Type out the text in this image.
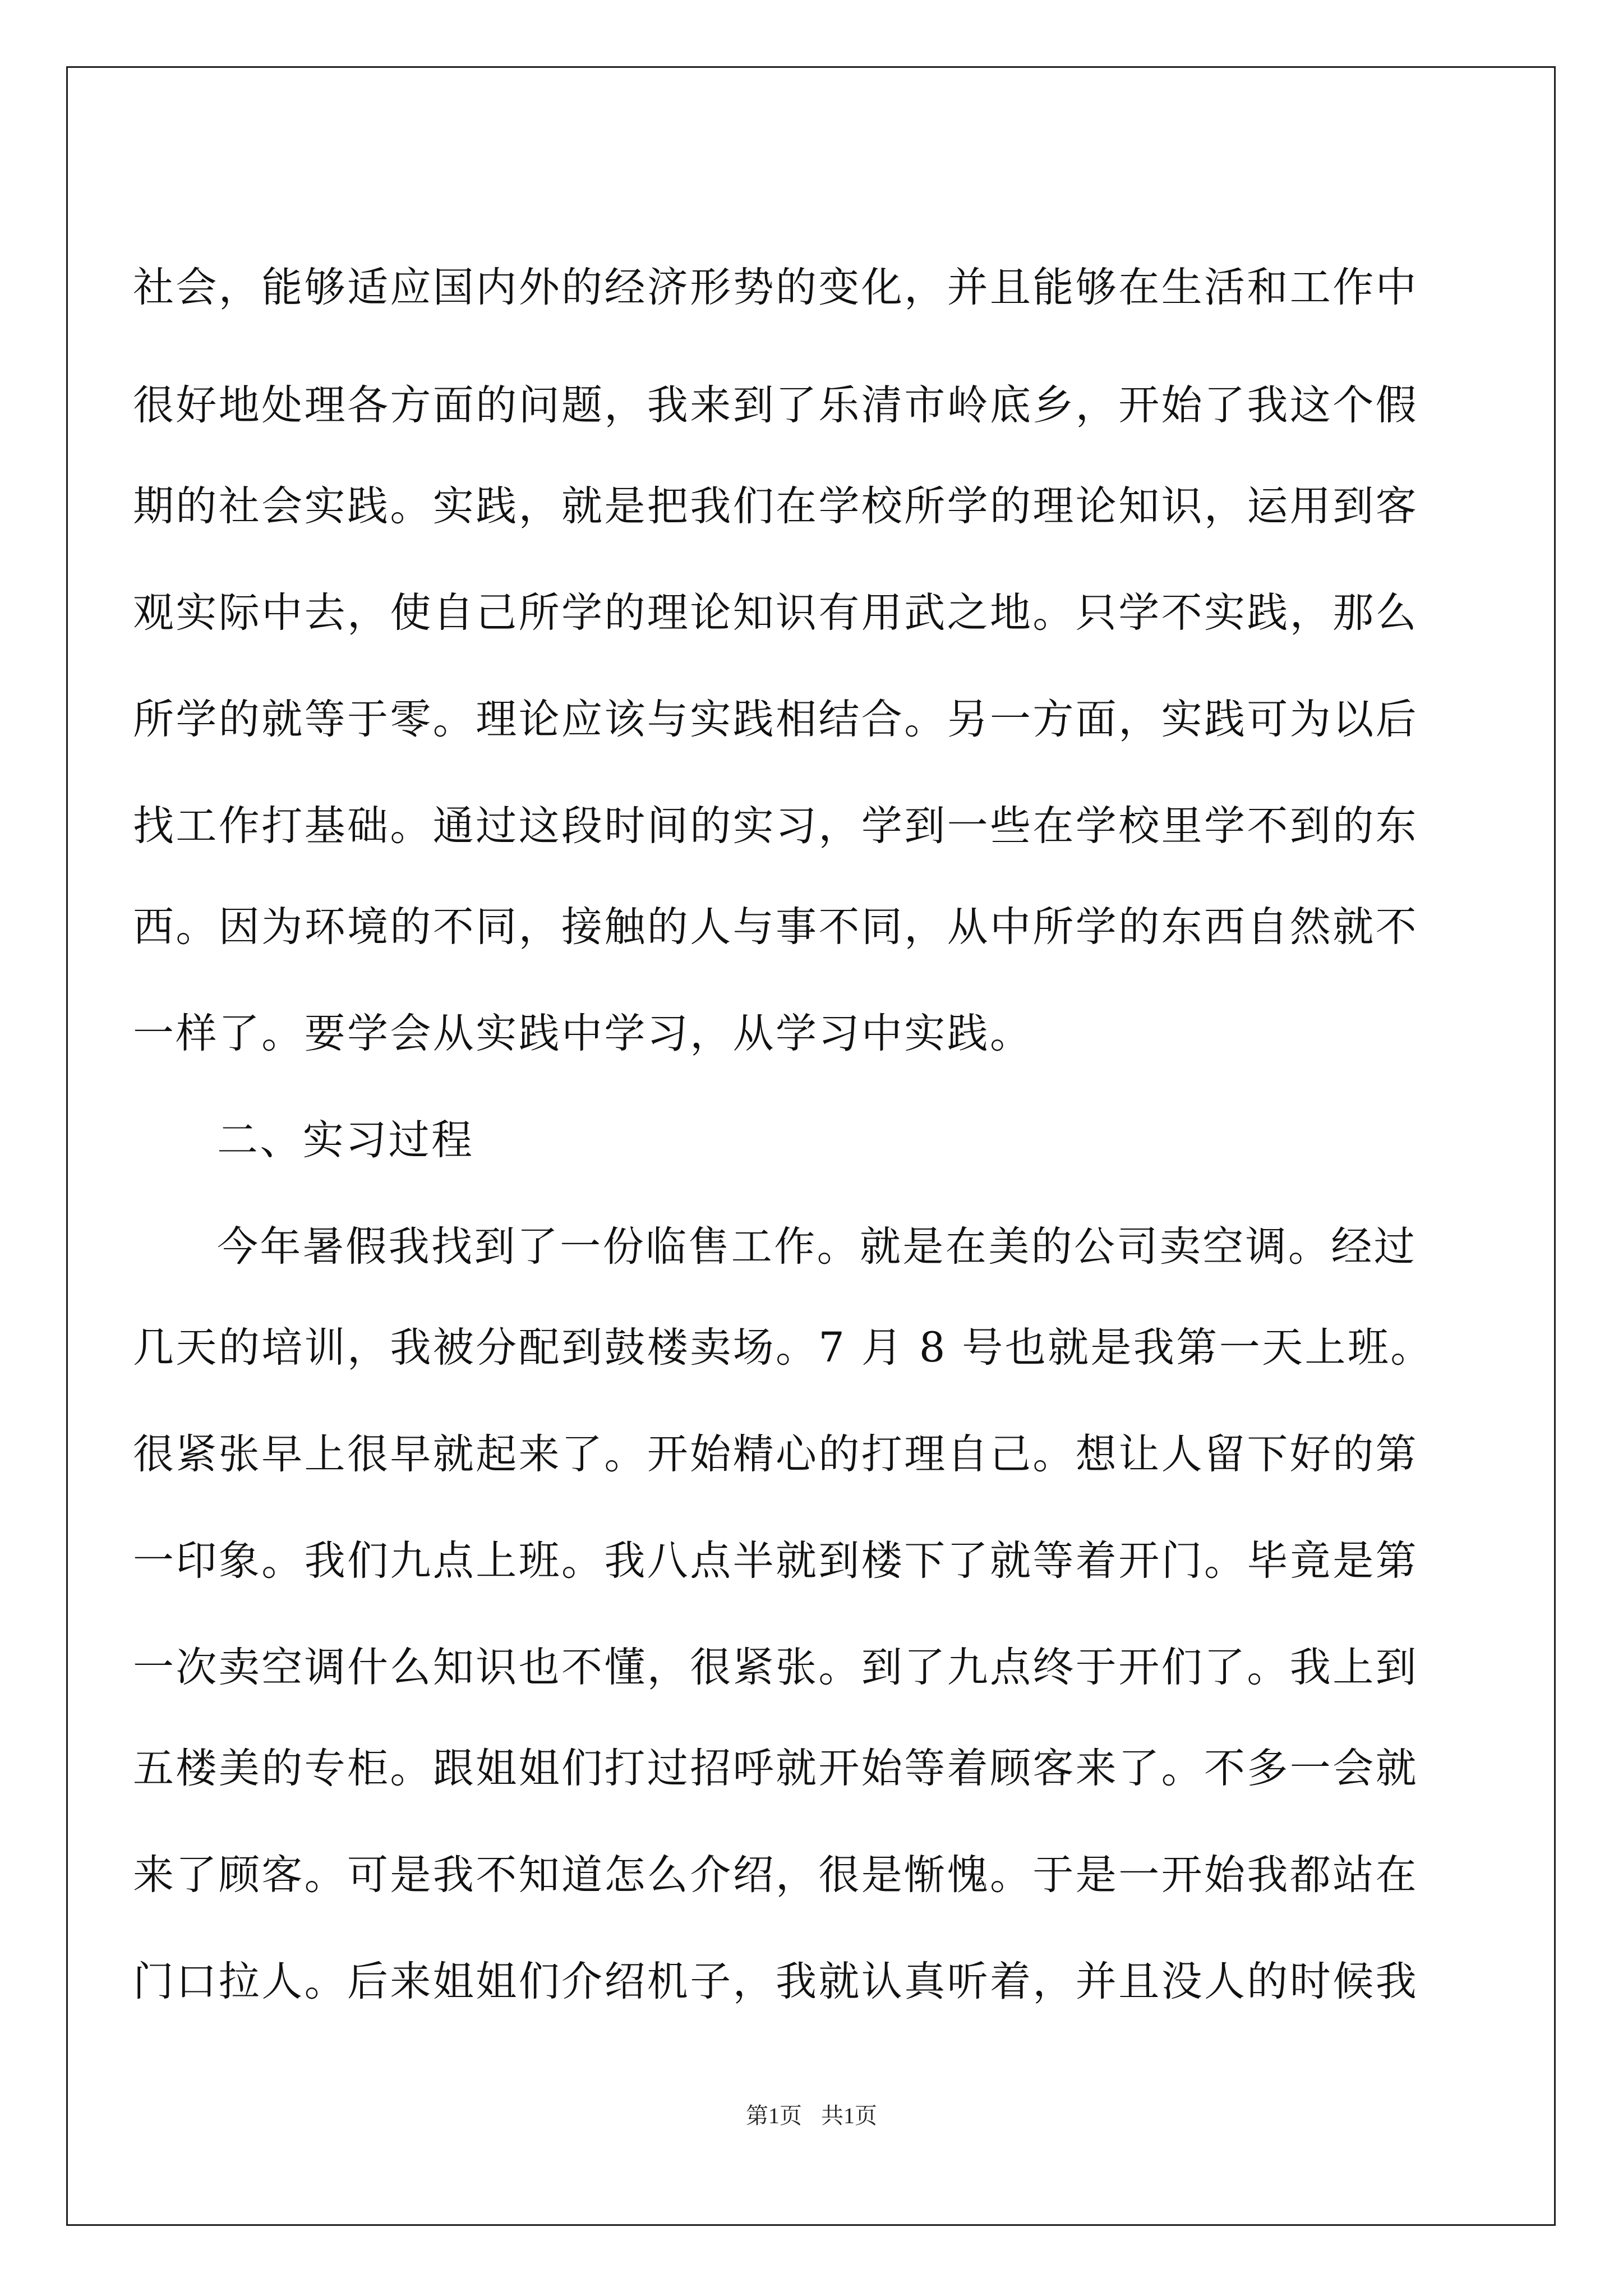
社会，能够适应国内外的经济形势的变化，并且能够在生活和工作中

很好地处理各方面的问题，我来到了乐清市岭底乡，开始了我这个假

期的社会实践。实践，就是把我们在学校所学的理论知识，运用到客

观实际中去，使自己所学的理论知识有用武之地。只学不实践，那么

所学的就等于零。理论应该与实践相结合。另一方面，实践可为以后

找工作打基础。通过这段时间的实习，学到一些在学校里学不到的东

西。因为环境的不同，接触的人与事不同，从中所学的东西自然就不

一样了。要学会从实践中学习，从学习中实践。

二、实习过程

今年暑假我找到了一份临售工作。就是在美的公司卖空调。经过

几天的培训，我被分配到鼓楼卖场。7 月 8 号也就是我第一天上班。

很紧张早上很早就起来了。开始精心的打理自己。想让人留下好的第

一印象。我们九点上班。我八点半就到楼下了就等着开门。毕竟是第

一次卖空调什么知识也不懂，很紧张。到了九点终于开们了。我上到

五楼美的专柜。跟姐姐们打过招呼就开始等着顾客来了。不多一会就

来了顾客。可是我不知道怎么介绍，很是惭愧。于是一开始我都站在

门口拉人。后来姐姐们介绍机子，我就认真听着，并且没人的时候我

第1页 共1页
